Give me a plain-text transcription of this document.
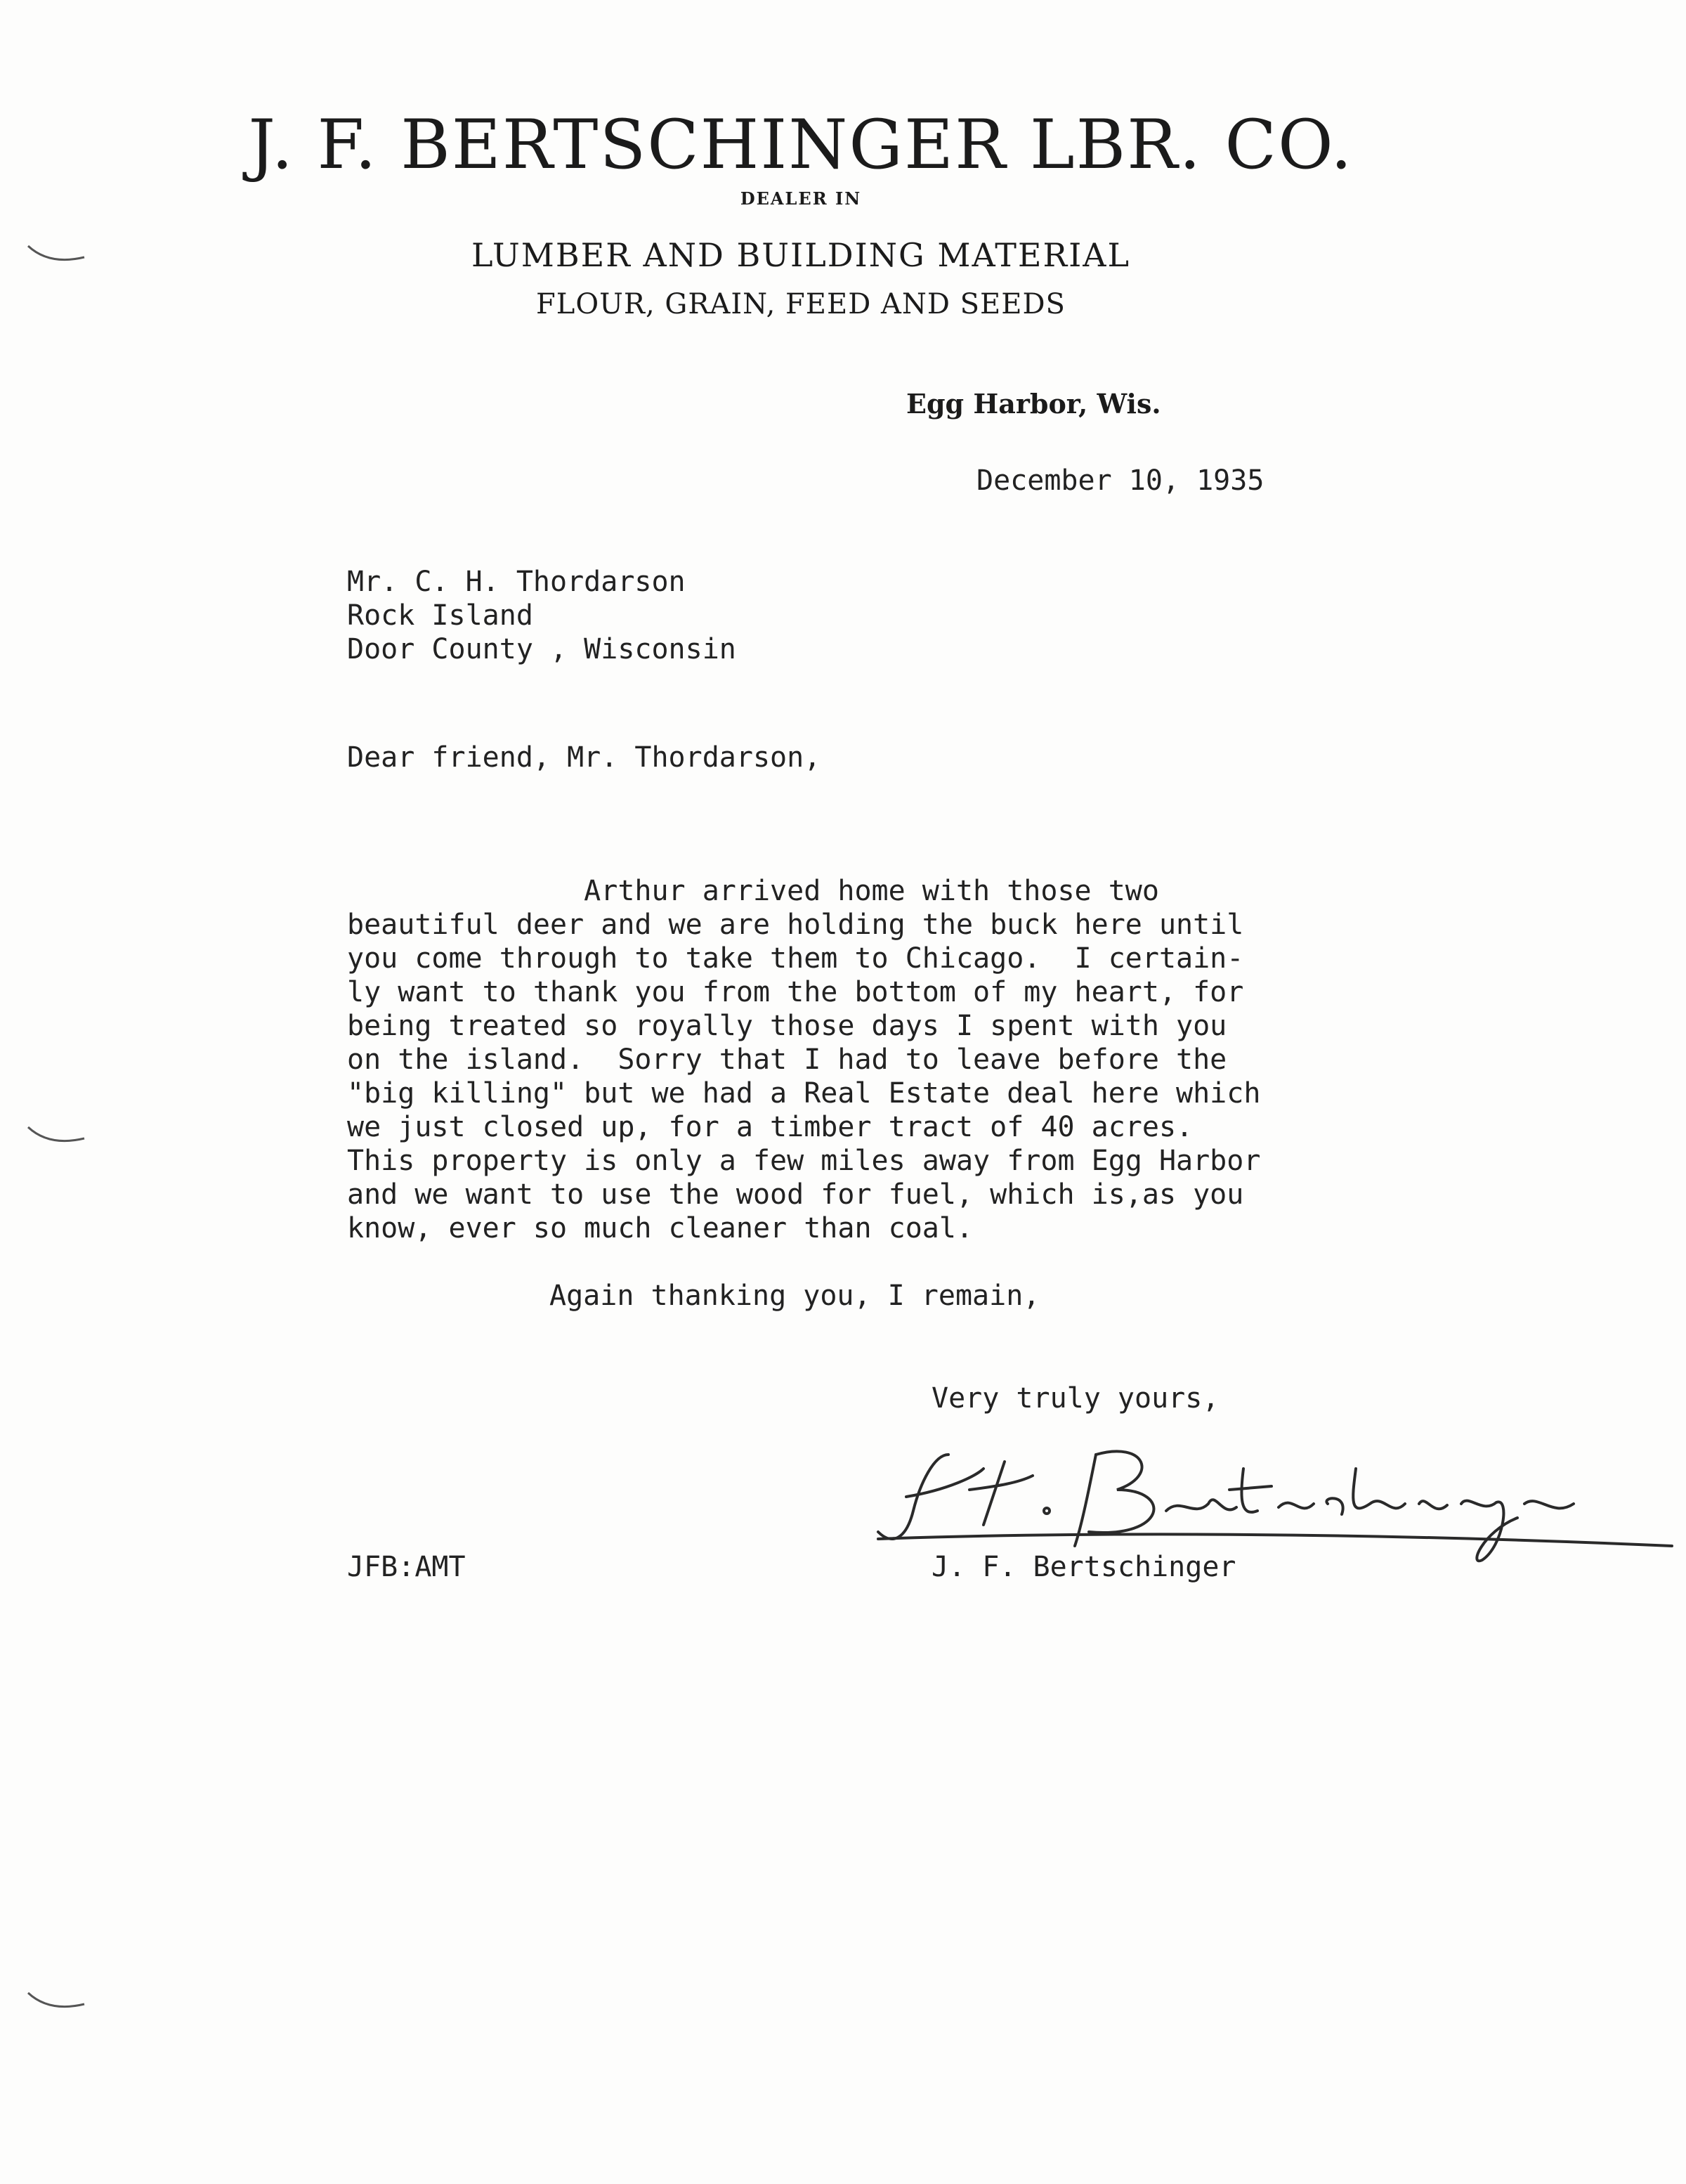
J. F. BERTSCHINGER LBR. CO.
DEALER IN
LUMBER AND BUILDING MATERIAL
FLOUR, GRAIN, FEED AND SEEDS
Egg Harbor, Wis.
December 10, 1935
Mr. C. H. Thordarson
Rock Island
Door County , Wisconsin
Dear friend, Mr. Thordarson,
Arthur arrived home with those two
beautiful deer and we are holding the buck here until
you come through to take them to Chicago.  I certain-
ly want to thank you from the bottom of my heart, for
being treated so royally those days I spent with you
on the island.  Sorry that I had to leave before the
"big killing" but we had a Real Estate deal here which
we just closed up, for a timber tract of 40 acres.
This property is only a few miles away from Egg Harbor
and we want to use the wood for fuel, which is,as you
know, ever so much cleaner than coal.
Again thanking you, I remain,
Very truly yours,
JFB:AMT	J. F. Bertschinger
